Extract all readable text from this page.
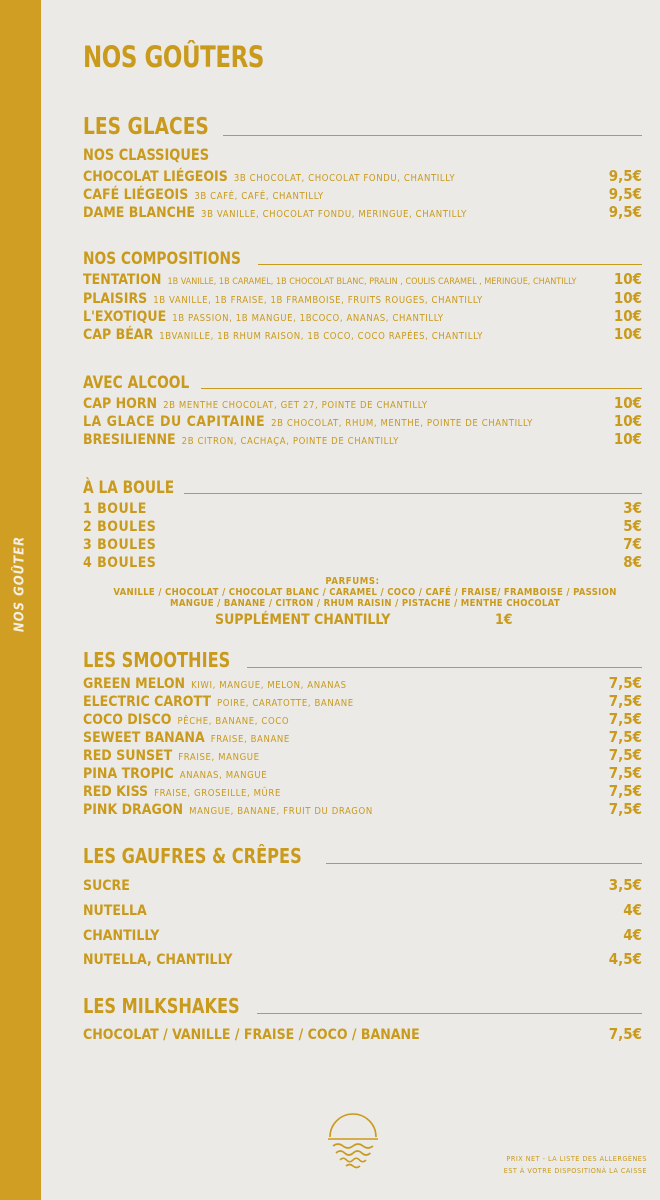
NOS GOÛTER
NOS GOÛTERS
LES GLACES
NOS CLASSIQUES
CHOCOLAT LIÉGEOIS 3B CHOCOLAT, CHOCOLAT FONDU, CHANTILLY	9,5€
CAFÉ LIÉGEOIS 3B CAFÉ, CAFÉ, CHANTILLY	9,5€
DAME BLANCHE 3B VANILLE, CHOCOLAT FONDU, MERINGUE, CHANTILLY	9,5€
NOS COMPOSITIONS
TENTATION 1B VANILLE, 1B CARAMEL, 1B CHOCOLAT BLANC, PRALIN , COULIS CARAMEL , MERINGUE, CHANTILLY 10€
PLAISIRS 1B VANILLE, 1B FRAISE, 1B FRAMBOISE, FRUITS ROUGES, CHANTILLY	10€
L'EXOTIQUE 1B PASSION, 1B MANGUE, 1BCOCO, ANANAS, CHANTILLY	10€
CAP BÉAR 1BVANILLE, 1B RHUM RAISON, 1B COCO, COCO RAPÉES, CHANTILLY	10€
AVEC ALCOOL
CAP HORN 2B MENTHE CHOCOLAT, GET 27, POINTE DE CHANTILLY	10€
LA GLACE DU CAPITAINE 2B CHOCOLAT, RHUM, MENTHE, POINTE DE CHANTILLY	10€
BRESILIENNE 2B CITRON, CACHAÇA, POINTE DE CHANTILLY	10€
À LA BOULE
1 BOULE	3€
2 BOULES	5€
3 BOULES	7€
4 BOULES	8€
PARFUMS:
VANILLE / CHOCOLAT / CHOCOLAT BLANC / CARAMEL / COCO / CAFÉ / FRAISE/ FRAMBOISE / PASSION
MANGUE / BANANE / CITRON / RHUM RAISIN / PISTACHE / MENTHE CHOCOLAT
SUPPLÉMENT CHANTILLY	1€
LES SMOOTHIES
GREEN MELON KIWI, MANGUE, MELON, ANANAS	7,5€
ELECTRIC CAROTT POIRE, CARATOTTE, BANANE	7,5€
COCO DISCO PÊCHE, BANANE, COCO	7,5€
SEWEET BANANA FRAISE, BANANE	7,5€
RED SUNSET FRAISE, MANGUE	7,5€
PINA TROPIC ANANAS, MANGUE	7,5€
RED KISS FRAISE, GROSEILLE, MÛRE	7,5€
PINK DRAGON MANGUE, BANANE, FRUIT DU DRAGON	7,5€
LES GAUFRES & CRÊPES
SUCRE	3,5€
NUTELLA	4€
CHANTILLY	4€
NUTELLA, CHANTILLY	4,5€
LES MILKSHAKES
CHOCOLAT / VANILLE / FRAISE / COCO / BANANE	7,5€
PRIX NET - LA LISTE DES ALLERGÈNES
EST À VOTRE DISPOSITIONÀ LA CAISSE
